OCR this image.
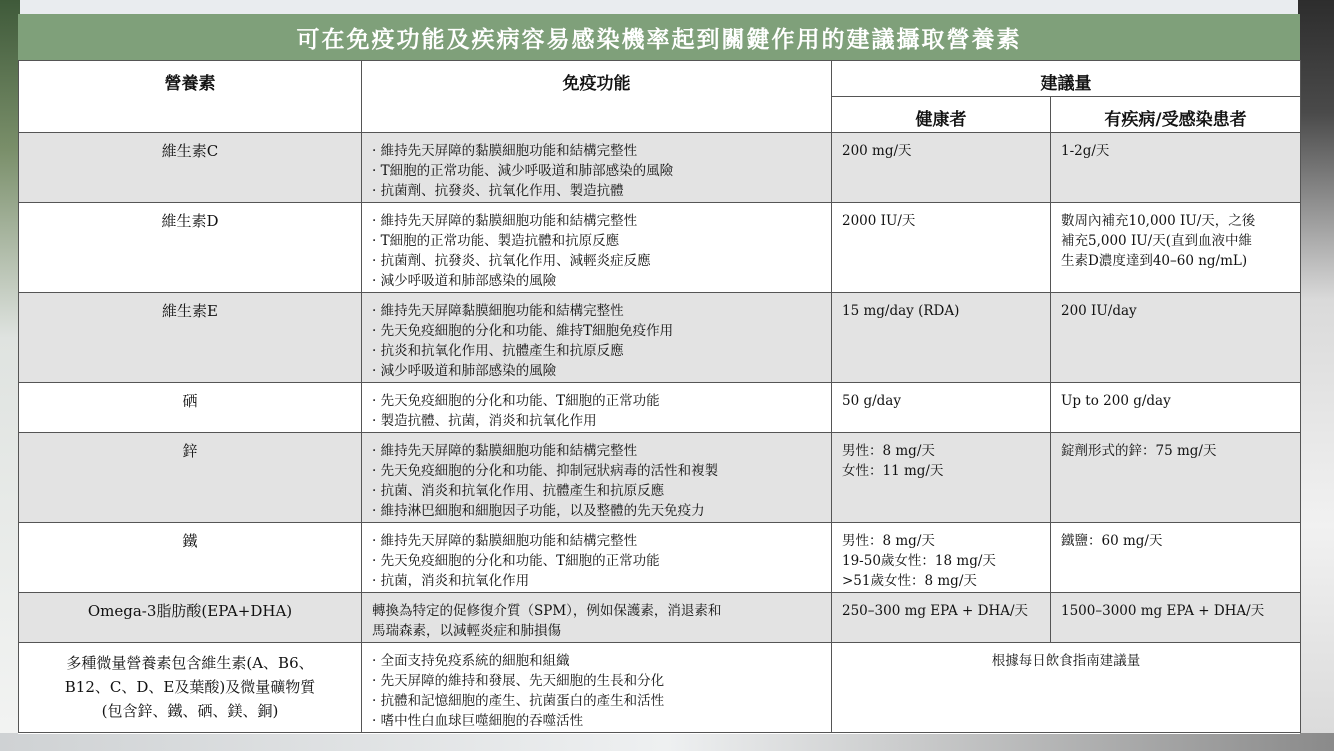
可在免疫功能及疾病容易感染機率起到關鍵作用的建議攝取營養素
營養素	免疫功能	建議量	
		健康者	有疾病/受感染患者
維生素C	· 維持先天屏障的黏膜細胞功能和結構完整性
· T細胞的正常功能、減少呼吸道和肺部感染的風險
· 抗菌劑、抗發炎、抗氧化作用、製造抗體	200 mg/天	1-2g/天

維生素D	· 維持先天屏障的黏膜細胞功能和結構完整性
· T細胞的正常功能、製造抗體和抗原反應
· 抗菌劑、抗發炎、抗氧化作用、減輕炎症反應
· 減少呼吸道和肺部感染的風險	2000 IU/天	數周內補充10,000 IU/天，之後
補充5,000 IU/天(直到血液中維
生素D濃度達到40–60 ng/mL)

維生素E	· 維持先天屏障黏膜細胞功能和結構完整性
· 先天免疫細胞的分化和功能、維持T細胞免疫作用
· 抗炎和抗氧化作用、抗體產生和抗原反應
· 減少呼吸道和肺部感染的風險	15 mg/day (RDA)	200 IU/day

硒	· 先天免疫細胞的分化和功能、T細胞的正常功能
· 製造抗體、抗菌，消炎和抗氧化作用	50 g/day	Up to 200 g/day

鋅	· 維持先天屏障的黏膜細胞功能和結構完整性
· 先天免疫細胞的分化和功能、抑制冠狀病毒的活性和複製
· 抗菌、消炎和抗氧化作用、抗體產生和抗原反應
· 維持淋巴細胞和細胞因子功能，以及整體的先天免疫力	男性：8 mg/天
女性：11 mg/天	錠劑形式的鋅：75 mg/天

鐵	· 維持先天屏障的黏膜細胞功能和結構完整性
· 先天免疫細胞的分化和功能、T細胞的正常功能
· 抗菌，消炎和抗氧化作用	男性：8 mg/天
19-50歲女性：18 mg/天
>51歲女性：8 mg/天	鐵鹽：60 mg/天

Omega-3脂肪酸(EPA+DHA)	轉換為特定的促修復介質（SPM），例如保護素，消退素和
馬瑞森素，以減輕炎症和肺損傷	250–300 mg EPA + DHA/天	1500–3000 mg EPA + DHA/天

多種微量營養素包含維生素(A、B6、
B12、C、D、E及葉酸)及微量礦物質
(包含鋅、鐵、硒、鎂、銅)	· 全面支持免疫系統的細胞和組織
· 先天屏障的維持和發展、先天細胞的生長和分化
· 抗體和記憶細胞的產生、抗菌蛋白的產生和活性
· 嗜中性白血球巨噬細胞的吞噬活性	根據每日飲食指南建議量	
